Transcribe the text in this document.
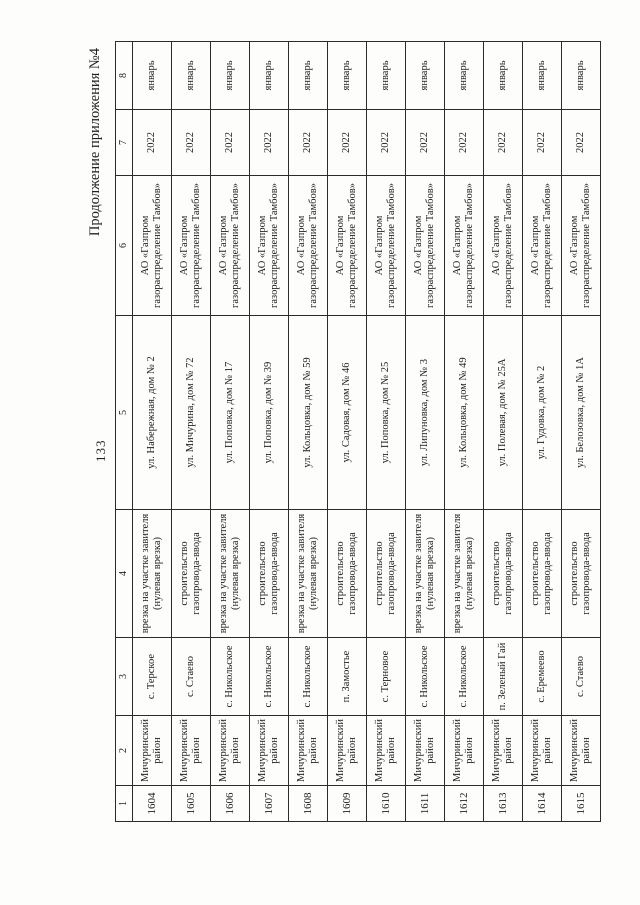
133
Продолжение приложения №4
1	2	3	4	5	6	7	8
1604	Мичуринский район	с. Терское	врезка на участке завителя (нулевая врезка)	ул. Набережная, дом № 2	АО «Газпром газораспределение Тамбов»	2022	январь
1605	Мичуринский район	с. Стаево	строительство газопровода-ввода	ул. Мичурина, дом № 72	АО «Газпром газораспределение Тамбов»	2022	январь
1606	Мичуринский район	с. Никольское	врезка на участке завителя (нулевая врезка)	ул. Поповка, дом № 17	АО «Газпром газораспределение Тамбов»	2022	январь
1607	Мичуринский район	с. Никольское	строительство газопровода-ввода	ул. Поповка, дом № 39	АО «Газпром газораспределение Тамбов»	2022	январь
1608	Мичуринский район	с. Никольское	врезка на участке завителя (нулевая врезка)	ул. Кольцовка, дом № 59	АО «Газпром газораспределение Тамбов»	2022	январь
1609	Мичуринский район	п. Замостье	строительство газопровода-ввода	ул. Садовая, дом № 46	АО «Газпром газораспределение Тамбов»	2022	январь
1610	Мичуринский район	с. Терновое	строительство газопровода-ввода	ул. Поповка, дом № 25	АО «Газпром газораспределение Тамбов»	2022	январь
1611	Мичуринский район	с. Никольское	врезка на участке завителя (нулевая врезка)	ул. Липуновка, дом № 3	АО «Газпром газораспределение Тамбов»	2022	январь
1612	Мичуринский район	с. Никольское	врезка на участке завителя (нулевая врезка)	ул. Кольцовка, дом № 49	АО «Газпром газораспределение Тамбов»	2022	январь
1613	Мичуринский район	п. Зеленый Гай	строительство газопровода-ввода	ул. Полевая, дом № 25А	АО «Газпром газораспределение Тамбов»	2022	январь
1614	Мичуринский район	с. Еремеево	строительство газопровода-ввода	ул. Гудовка, дом № 2	АО «Газпром газораспределение Тамбов»	2022	январь
1615	Мичуринский район	с. Стаево	строительство газопровода-ввода	ул. Белозовка, дом № 1А	АО «Газпром газораспределение Тамбов»	2022	январь
